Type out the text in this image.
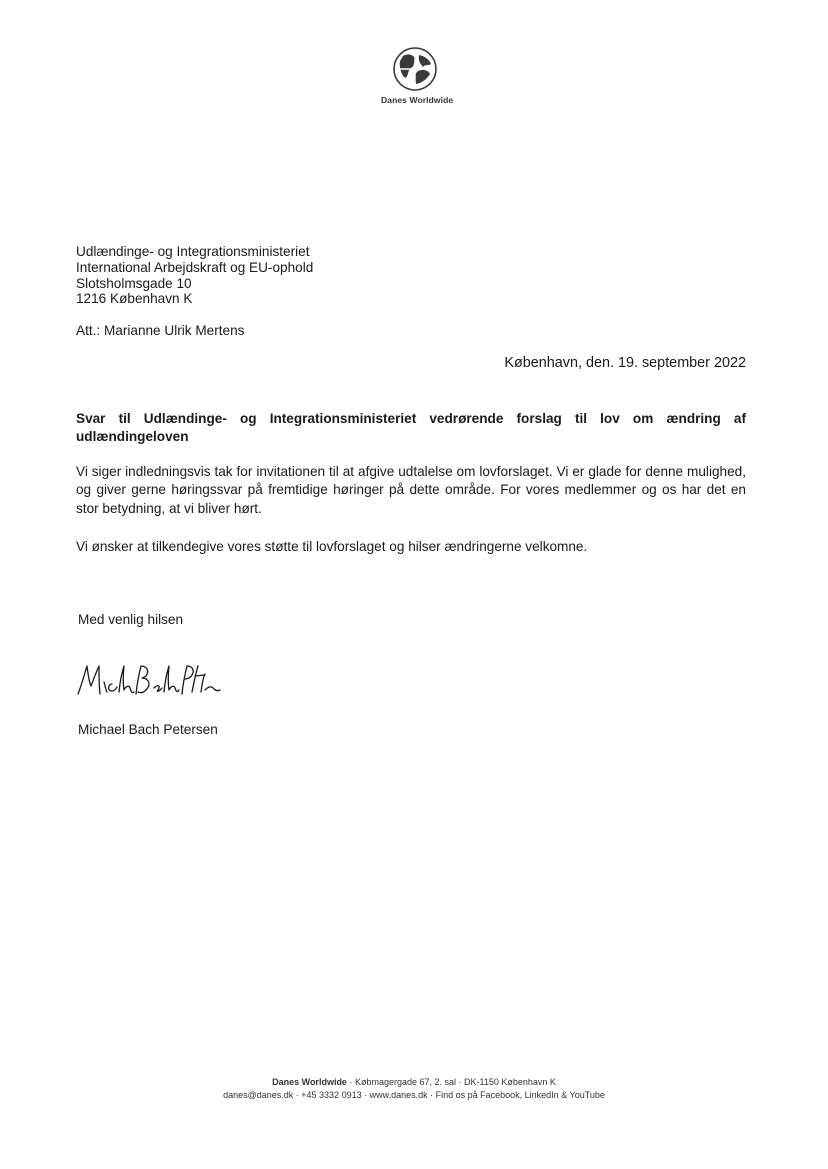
Danes Worldwide
Udlændinge- og Integrationsministeriet
International Arbejdskraft og EU-ophold
Slotsholmsgade 10
1216 København K
Att.: Marianne Ulrik Mertens
København, den. 19. september 2022
Svar til Udlændinge- og Integrationsministeriet vedrørende forslag til lov om ændring af udlændingeloven
Vi siger indledningsvis tak for invitationen til at afgive udtalelse om lovforslaget. Vi er glade for denne mulighed, og giver gerne høringssvar på fremtidige høringer på dette område. For vores medlemmer og os har det en stor betydning, at vi bliver hørt.
Vi ønsker at tilkendegive vores støtte til lovforslaget og hilser ændringerne velkomne.
Med venlig hilsen
Michael Bach Petersen
Danes Worldwide · Købmagergade 67, 2. sal · DK-1150 København K
danes@danes.dk · +45 3332 0913 · www.danes.dk · Find os på Facebook, LinkedIn & YouTube
